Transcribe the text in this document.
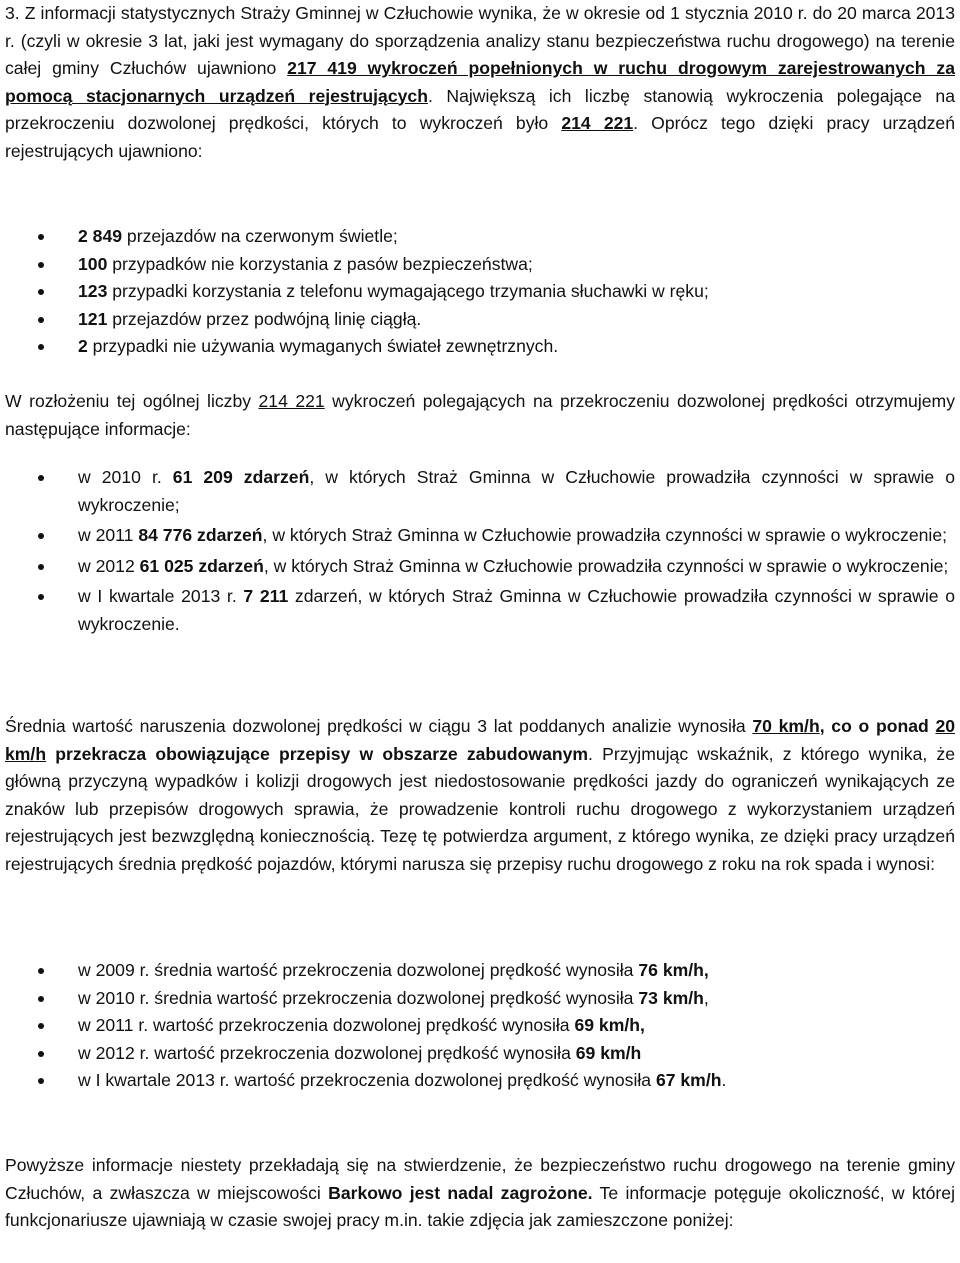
3. Z informacji statystycznych Straży Gminnej w Człuchowie wynika, że w okresie od 1 stycznia 2010 r. do 20 marca 2013 r. (czyli w okresie 3 lat, jaki jest wymagany do sporządzenia analizy stanu bezpieczeństwa ruchu drogowego) na terenie całej gminy Człuchów ujawniono 217 419 wykroczeń popełnionych w ruchu drogowym zarejestrowanych za pomocą stacjonarnych urządzeń rejestrujących. Największą ich liczbę stanowią wykroczenia polegające na przekroczeniu dozwolonej prędkości, których to wykroczeń było 214 221. Oprócz tego dzięki pracy urządzeń rejestrujących ujawniono:

2 849 przejazdów na czerwonym świetle;
100 przypadków nie korzystania z pasów bezpieczeństwa;
123 przypadki korzystania z telefonu wymagającego trzymania słuchawki w ręku;
121 przejazdów przez podwójną linię ciągłą.
2 przypadki nie używania wymaganych świateł zewnętrznych.

W rozłożeniu tej ogólnej liczby 214 221 wykroczeń polegających na przekroczeniu dozwolonej prędkości otrzymujemy następujące informacje:

w 2010 r. 61 209 zdarzeń, w których Straż Gminna w Człuchowie prowadziła czynności w sprawie o wykroczenie;
w 2011 84 776 zdarzeń, w których Straż Gminna w Człuchowie prowadziła czynności w sprawie o wykroczenie;
w 2012 61 025 zdarzeń, w których Straż Gminna w Człuchowie prowadziła czynności w sprawie o wykroczenie;
w I kwartale 2013 r. 7 211 zdarzeń, w których Straż Gminna w Człuchowie prowadziła czynności w sprawie o wykroczenie.

Średnia wartość naruszenia dozwolonej prędkości w ciągu 3 lat poddanych analizie wynosiła 70 km/h, co o ponad 20 km/h przekracza obowiązujące przepisy w obszarze zabudowanym. Przyjmując wskaźnik, z którego wynika, że główną przyczyną wypadków i kolizji drogowych jest niedostosowanie prędkości jazdy do ograniczeń wynikających ze znaków lub przepisów drogowych sprawia, że prowadzenie kontroli ruchu drogowego z wykorzystaniem urządzeń rejestrujących jest bezwzględną koniecznością. Tezę tę potwierdza argument, z którego wynika, ze dzięki pracy urządzeń rejestrujących średnia prędkość pojazdów, którymi narusza się przepisy ruchu drogowego z roku na rok spada i wynosi:

w 2009 r. średnia wartość przekroczenia dozwolonej prędkość wynosiła 76 km/h,
w 2010 r. średnia wartość przekroczenia dozwolonej prędkość wynosiła 73 km/h,
w 2011 r. wartość przekroczenia dozwolonej prędkość wynosiła 69 km/h,
w 2012 r. wartość przekroczenia dozwolonej prędkość wynosiła 69 km/h
w I kwartale 2013 r. wartość przekroczenia dozwolonej prędkość wynosiła 67 km/h.

Powyższe informacje niestety przekładają się na stwierdzenie, że bezpieczeństwo ruchu drogowego na terenie gminy Człuchów, a zwłaszcza w miejscowości Barkowo jest nadal zagrożone. Te informacje potęguje okoliczność, w której funkcjonariusze ujawniają w czasie swojej pracy m.in. takie zdjęcia jak zamieszczone poniżej:
